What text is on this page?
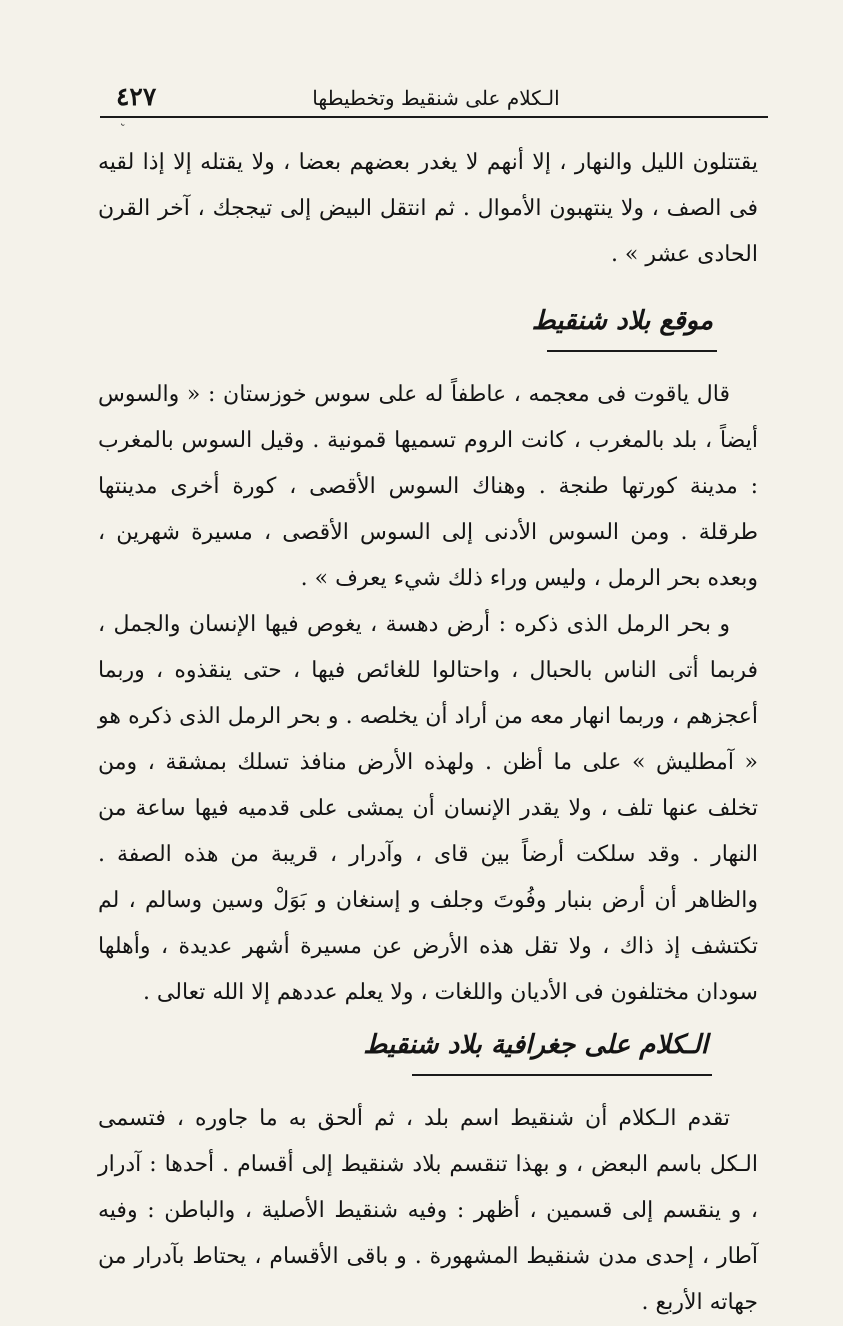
٤٢٧	الـكلام على شنقيط وتخطيطها
˘

يقتتلون الليل والنهار ، إلا أنهم لا يغدر بعضهم بعضا ، ولا يقتله إلا إذا لقيه فى الصف ، ولا ينتهبون الأموال . ثم انتقل البيض إلى تيججك ، آخر القرن الحادى عشر » .

موقع بلاد شنقيط

قال ياقوت فى معجمه ، عاطفاً له على سوس خوزستان : « والسوس أيضاً ، بلد بالمغرب ، كانت الروم تسميها قمونية . وقيل السوس بالمغرب : مدينة كورتها طنجة . وهناك السوس الأقصى ، كورة أخرى مدينتها طرقلة . ومن السوس الأدنى إلى السوس الأقصى ، مسيرة شهرين ، وبعده بحر الرمل ، وليس وراء ذلك شيء يعرف » .

و بحر الرمل الذى ذكره : أرض دهسة ، يغوص فيها الإنسان والجمل ، فربما أتى الناس بالحبال ، واحتالوا للغائص فيها ، حتى ينقذوه ، وربما أعجزهم ، وربما انهار معه من أراد أن يخلصه . و بحر الرمل الذى ذكره هو « آمطليش » على ما أظن . ولهذه الأرض منافذ تسلك بمشقة ، ومن تخلف عنها تلف ، ولا يقدر الإنسان أن يمشى على قدميه فيها ساعة من النهار . وقد سلكت أرضاً بين قاى ، وآدرار ، قريبة من هذه الصفة . والظاهر أن أرض بنبار وفُوتَ وجلف و إسنغان و بَوَلْ وسين وسالم ، لم تكتشف إذ ذاك ، ولا تقل هذه الأرض عن مسيرة أشهر عديدة ، وأهلها سودان مختلفون فى الأديان واللغات ، ولا يعلم عددهم إلا الله تعالى .

الـكلام على جغرافية بلاد شنقيط

تقدم الـكلام أن شنقيط اسم بلد ، ثم ألحق به ما جاوره ، فتسمى الـكل باسم البعض ، و بهذا تنقسم بلاد شنقيط إلى أقسام . أحدها : آدرار ، و ينقسم إلى قسمين ، أظهر : وفيه شنقيط الأصلية ، والباطن : وفيه آطار ، إحدى مدن شنقيط المشهورة . و باقى الأقسام ، يحتاط بآدرار من جهاته الأربع .
